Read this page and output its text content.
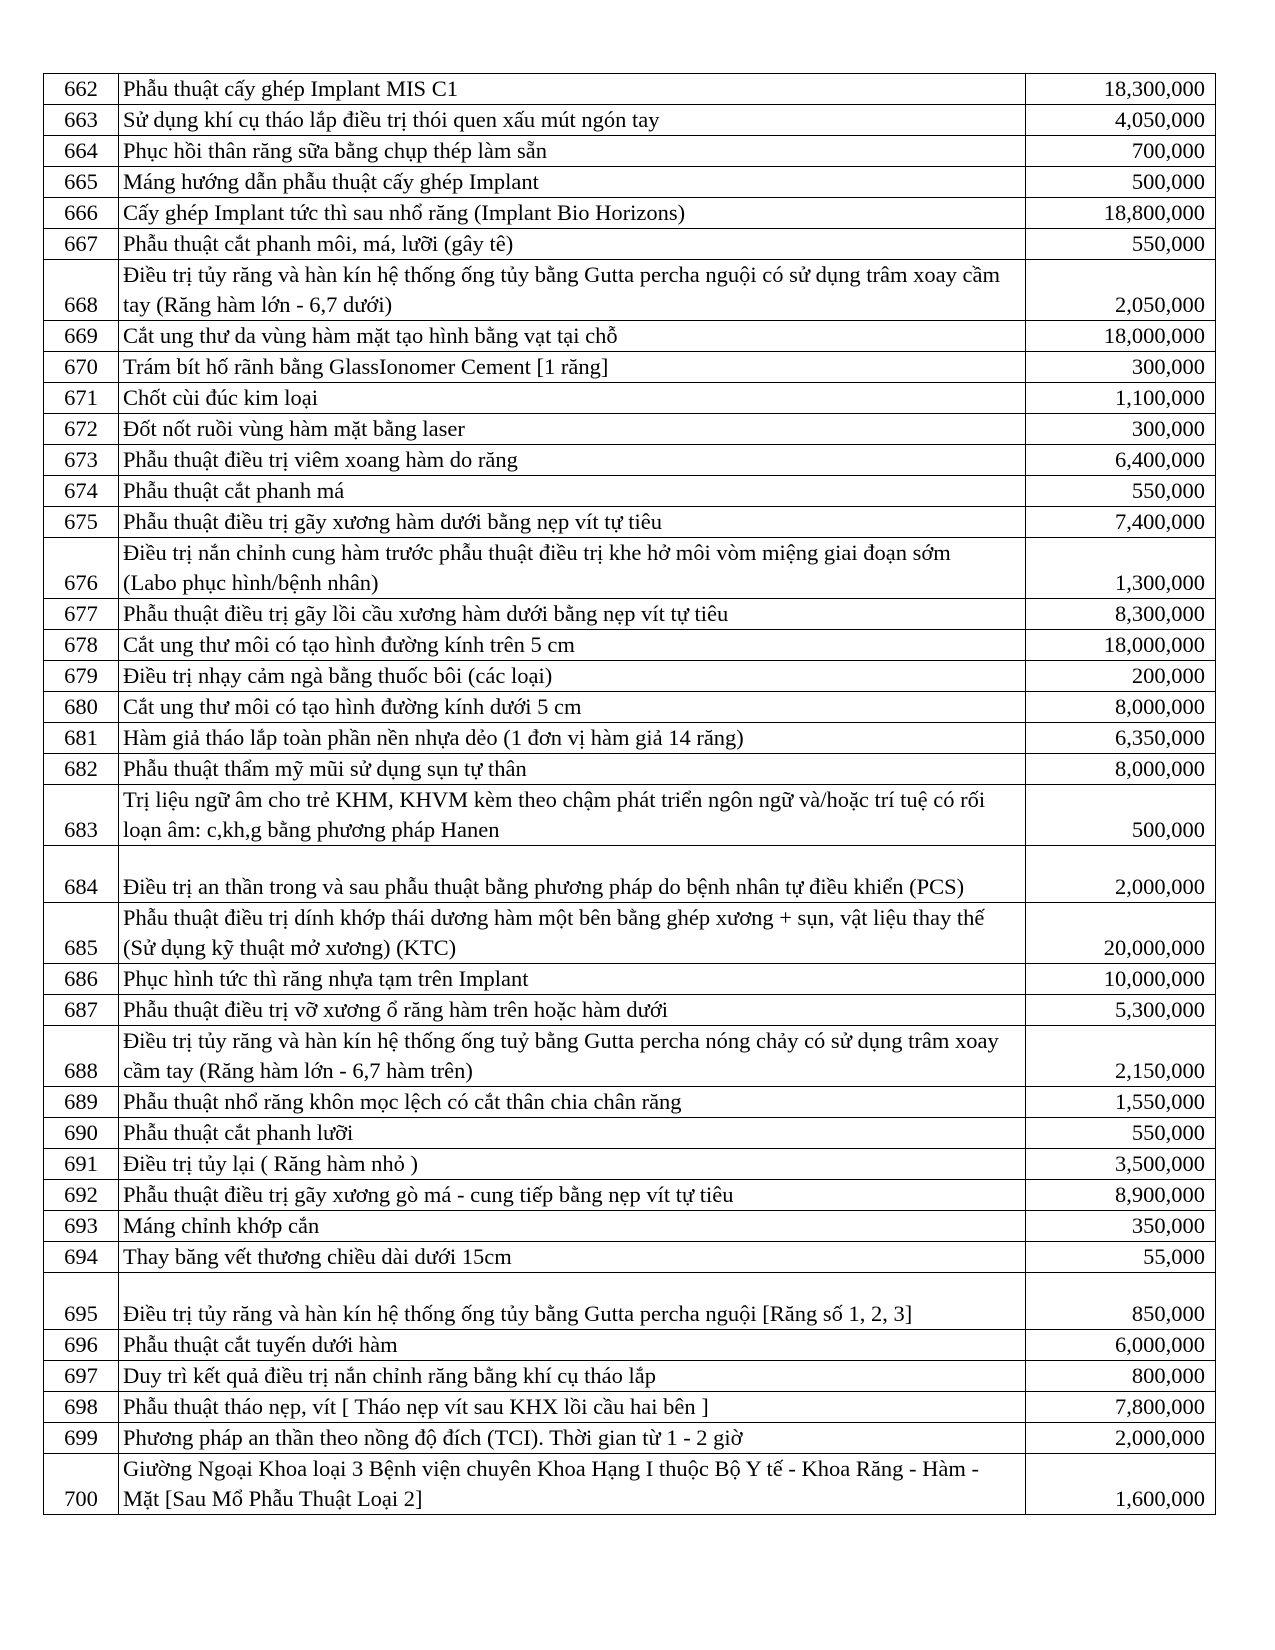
662	Phẫu thuật cấy ghép Implant MIS C1	18,300,000
663	Sử dụng khí cụ tháo lắp điều trị thói quen xấu mút ngón tay	4,050,000
664	Phục hồi thân răng sữa bằng chụp thép làm sẵn	700,000
665	Máng hướng dẫn phẫu thuật cấy ghép Implant	500,000
666	Cấy ghép Implant tức thì sau nhổ răng (Implant Bio Horizons)	18,800,000
667	Phẫu thuật cắt phanh môi, má, lưỡi (gây tê)	550,000
668	Điều trị tủy răng và hàn kín hệ thống ống tủy bằng Gutta percha nguội có sử dụng trâm xoay cầm tay (Răng hàm lớn - 6,7 dưới)	2,050,000
669	Cắt ung thư da vùng hàm mặt tạo hình bằng vạt tại chỗ	18,000,000
670	Trám bít hố rãnh bằng GlassIonomer Cement [1 răng]	300,000
671	Chốt cùi đúc kim loại	1,100,000
672	Đốt nốt ruồi vùng hàm mặt bằng laser	300,000
673	Phẫu thuật điều trị viêm xoang hàm do răng	6,400,000
674	Phẫu thuật cắt phanh má	550,000
675	Phẫu thuật điều trị gãy xương hàm dưới bằng nẹp vít tự tiêu	7,400,000
676	Điều trị nắn chỉnh cung hàm trước phẫu thuật điều trị khe hở môi vòm miệng giai đoạn sớm (Labo phục hình/bệnh nhân)	1,300,000
677	Phẫu thuật điều trị gãy lồi cầu xương hàm dưới bằng nẹp vít tự tiêu	8,300,000
678	Cắt ung thư môi có tạo hình đường kính trên 5 cm	18,000,000
679	Điều trị nhạy cảm ngà bằng thuốc bôi (các loại)	200,000
680	Cắt ung thư môi có tạo hình đường kính dưới 5 cm	8,000,000
681	Hàm giả tháo lắp toàn phần nền nhựa dẻo (1 đơn vị hàm giả 14 răng)	6,350,000
682	Phẫu thuật thẩm mỹ mũi sử dụng sụn tự thân	8,000,000
683	Trị liệu ngữ âm cho trẻ KHM, KHVM kèm theo chậm phát triển ngôn ngữ và/hoặc trí tuệ có rối loạn âm: c,kh,g bằng phương pháp Hanen	500,000
684	Điều trị an thần trong và sau phẫu thuật bằng phương pháp do bệnh nhân tự điều khiển (PCS)	2,000,000
685	Phẫu thuật điều trị dính khớp thái dương hàm một bên bằng ghép xương + sụn, vật liệu thay thế (Sử dụng kỹ thuật mở xương) (KTC)	20,000,000
686	Phục hình tức thì răng nhựa tạm trên Implant	10,000,000
687	Phẫu thuật điều trị vỡ xương ổ răng hàm trên hoặc hàm dưới	5,300,000
688	Điều trị tủy răng và hàn kín hệ thống ống tuỷ bằng Gutta percha nóng chảy có sử dụng trâm xoay cầm tay (Răng hàm lớn - 6,7 hàm trên)	2,150,000
689	Phẫu thuật nhổ răng khôn mọc lệch có cắt thân chia chân răng	1,550,000
690	Phẫu thuật cắt phanh lưỡi	550,000
691	Điều trị tủy lại ( Răng hàm nhỏ )	3,500,000
692	Phẫu thuật điều trị gãy xương gò má - cung tiếp bằng nẹp vít tự tiêu	8,900,000
693	Máng chỉnh khớp cắn	350,000
694	Thay băng vết thương chiều dài dưới 15cm	55,000
695	Điều trị tủy răng và hàn kín hệ thống ống tủy bằng Gutta percha nguội [Răng số 1, 2, 3]	850,000
696	Phẫu thuật cắt tuyến dưới hàm	6,000,000
697	Duy trì kết quả điều trị nắn chỉnh răng bằng khí cụ tháo lắp	800,000
698	Phẫu thuật tháo nẹp, vít [ Tháo nẹp vít sau KHX lồi cầu hai bên ]	7,800,000
699	Phương pháp an thần theo nồng độ đích (TCI). Thời gian từ 1 - 2 giờ	2,000,000
700	Giường Ngoại Khoa loại 3 Bệnh viện chuyên Khoa Hạng I thuộc Bộ Y tế - Khoa Răng - Hàm - Mặt [Sau Mổ Phẫu Thuật Loại 2]	1,600,000
